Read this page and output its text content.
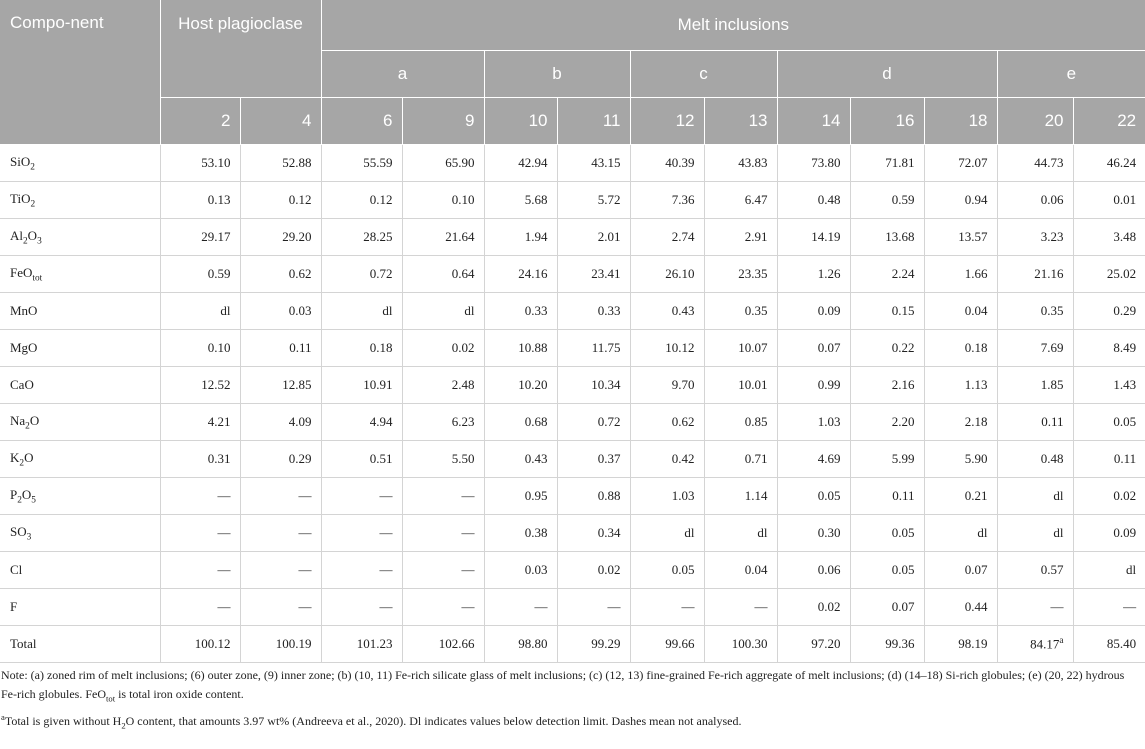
Compo-nent	Host plagioclase		Melt inclusions										
			a		b		c		d			e	
	2	4	6	9	10	11	12	13	14	16	18	20	22
SiO$_2$	53.10	52.88	55.59	65.90	42.94	43.15	40.39	43.83	73.80	71.81	72.07	44.73	46.24
TiO$_2$	0.13	0.12	0.12	0.10	5.68	5.72	7.36	6.47	0.48	0.59	0.94	0.06	0.01
$Al_2O_3$	29.17	29.20	28.25	21.64	1.94	2.01	2.74	2.91	14.19	13.68	13.57	3.23	3.48
FeO$_{tot}$	0.59	0.62	0.72	0.64	24.16	23.41	26.10	23.35	1.26	2.24	1.66	21.16	25.02
MnO	dl	0.03	dl	dl	0.33	0.33	0.43	0.35	0.09	0.15	0.04	0.35	0.29
MgO	0.10	0.11	0.18	0.02	10.88	11.75	10.12	10.07	0.07	0.22	0.18	7.69	8.49
CaO	12.52	12.85	10.91	2.48	10.20	10.34	9.70	10.01	0.99	2.16	1.13	1.85	1.43
$Na_2O$	4.21	4.09	4.94	6.23	0.68	0.72	0.62	0.85	1.03	2.20	2.18	0.11	0.05
$K_2O$	0.31	0.29	0.51	5.50	0.43	0.37	0.42	0.71	4.69	5.99	5.90	0.48	0.11
$P_2O_5$	—	—	—	—	0.95	0.88	1.03	1.14	0.05	0.11	0.21	dl	0.02
$SO_3$	—	—	—	—	0.38	0.34	dl	dl	0.30	0.05	dl	dl	0.09
Cl	—	—	—	—	0.03	0.02	0.05	0.04	0.06	0.05	0.07	0.57	dl
F	—	—	—	—	—	—	—	—	0.02	0.07	0.44	—	—
Total	100.12	100.19	101.23	102.66	98.80	99.29	99.66	100.30	97.20	99.36	98.19	84.17$^a$	85.40

Note: (a) zoned rim of melt inclusions; (6) outer zone, (9) inner zone; (b) (10, 11) Fe-rich silicate glass of melt inclusions; (c) (12, 13) fine-grained Fe-rich aggregate of melt inclusions; (d) (14–18) Si-rich globules; (e) (20, 22) hydrous Fe-rich globules. FeO$_{tot}$ is total iron oxide content.

$^a$Total is given without $H_2O$ content, that amounts 3.97 wt% (Andreeva et al., 2020). Dl indicates values below detection limit. Dashes mean not analysed.
